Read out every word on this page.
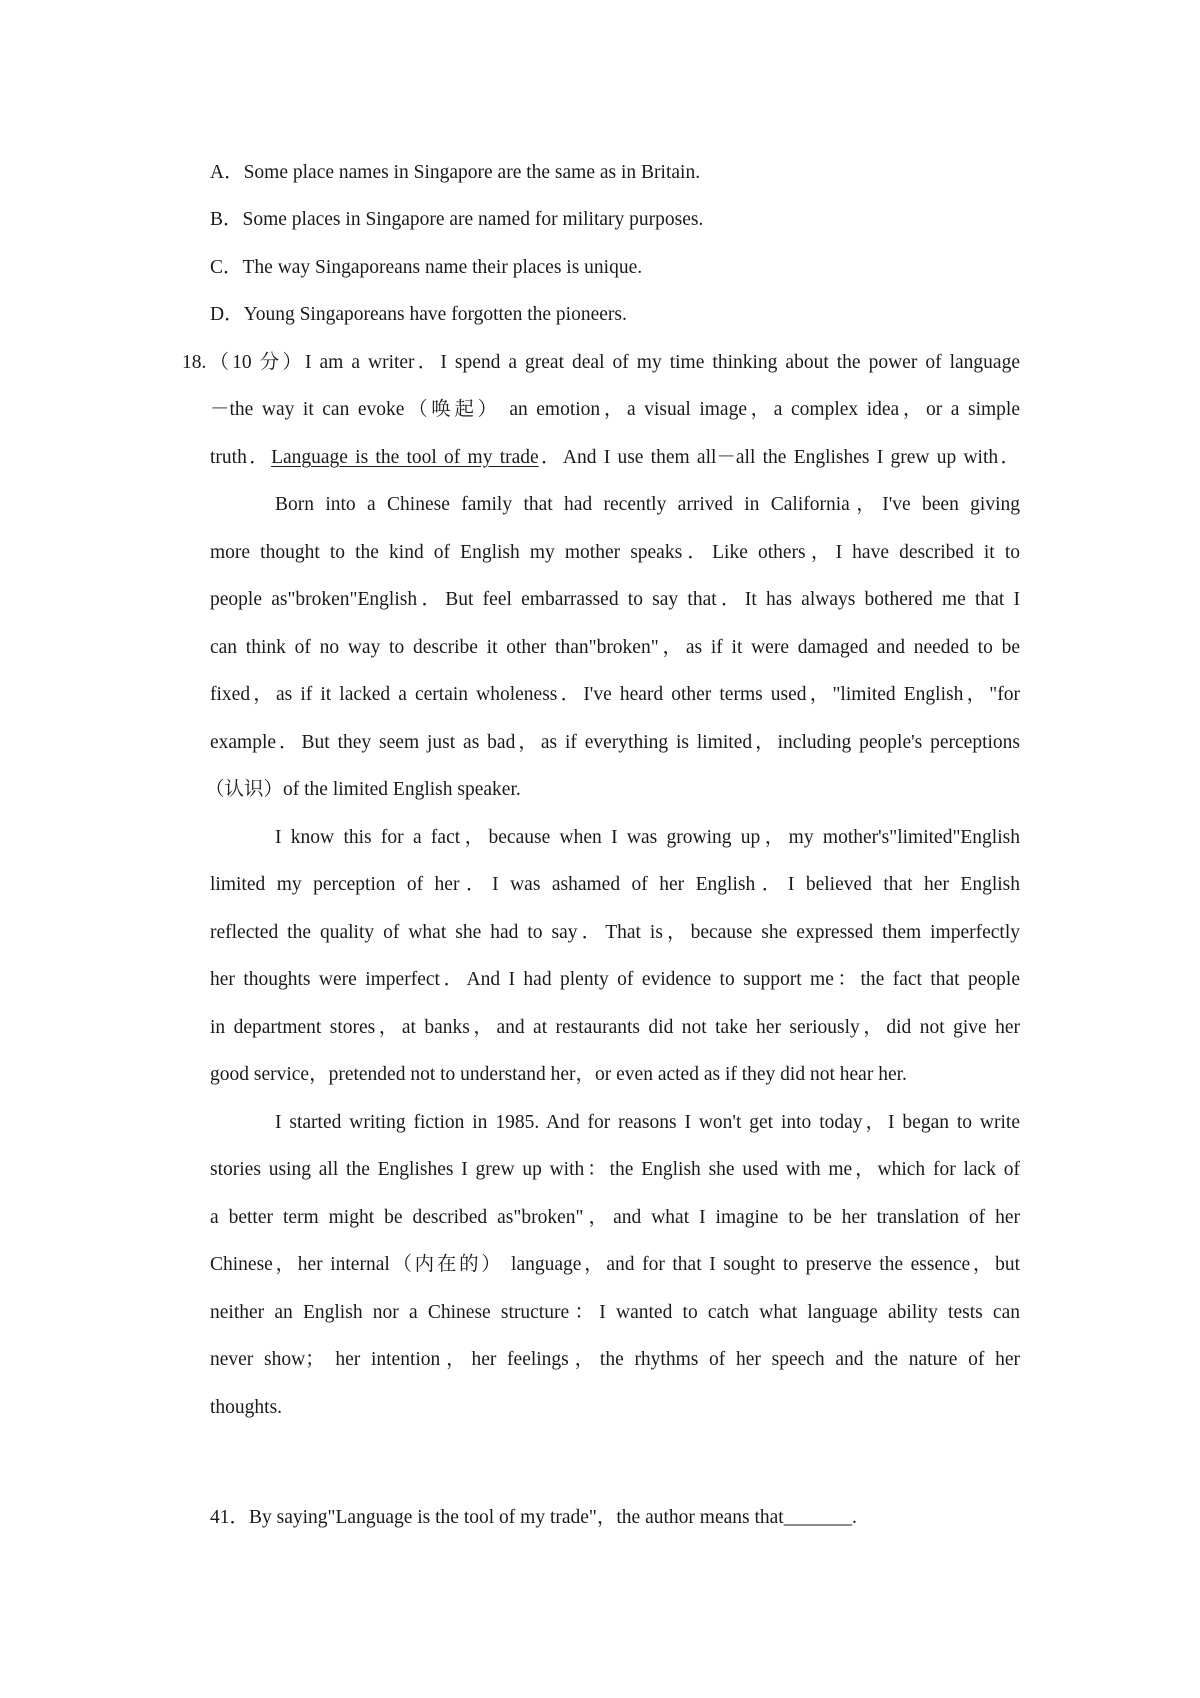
A．Some place names in Singapore are the same as in Britain.
B．Some places in Singapore are named for military purposes.
C．The way Singaporeans name their places is unique.
D．Young Singaporeans have forgotten the pioneers.
18.（10 分）I am a writer．I spend a great deal of my time thinking about the power of language
－the way it can evoke（唤起） an emotion，a visual image，a complex idea，or a simple
truth．Language is the tool of my trade．And I use them all－all the Englishes I grew up with．
Born into a Chinese family that had recently arrived in California，I've been giving
more thought to the kind of English my mother speaks．Like others，I have described it to
people as"broken"English．But feel embarrassed to say that．It has always bothered me that I
can think of no way to describe it other than"broken"，as if it were damaged and needed to be
fixed，as if it lacked a certain wholeness．I've heard other terms used，"limited English，"for
example．But they seem just as bad，as if everything is limited，including people's perceptions
（认识）of the limited English speaker.
I know this for a fact，because when I was growing up，my mother's"limited"English
limited my perception of her．I was ashamed of her English．I believed that her English
reflected the quality of what she had to say．That is，because she expressed them imperfectly
her thoughts were imperfect．And I had plenty of evidence to support me：the fact that people
in department stores，at banks，and at restaurants did not take her seriously，did not give her
good service，pretended not to understand her，or even acted as if they did not hear her.
I started writing fiction in 1985. And for reasons I won't get into today，I began to write
stories using all the Englishes I grew up with：the English she used with me，which for lack of
a better term might be described as"broken"，and what I imagine to be her translation of her
Chinese，her internal（内在的） language，and for that I sought to preserve the essence，but
neither an English nor a Chinese structure：I wanted to catch what language ability tests can
never show； her intention，her feelings，the rhythms of her speech and the nature of her
thoughts.
41．By saying"Language is the tool of my trade"，the author means that_______.
